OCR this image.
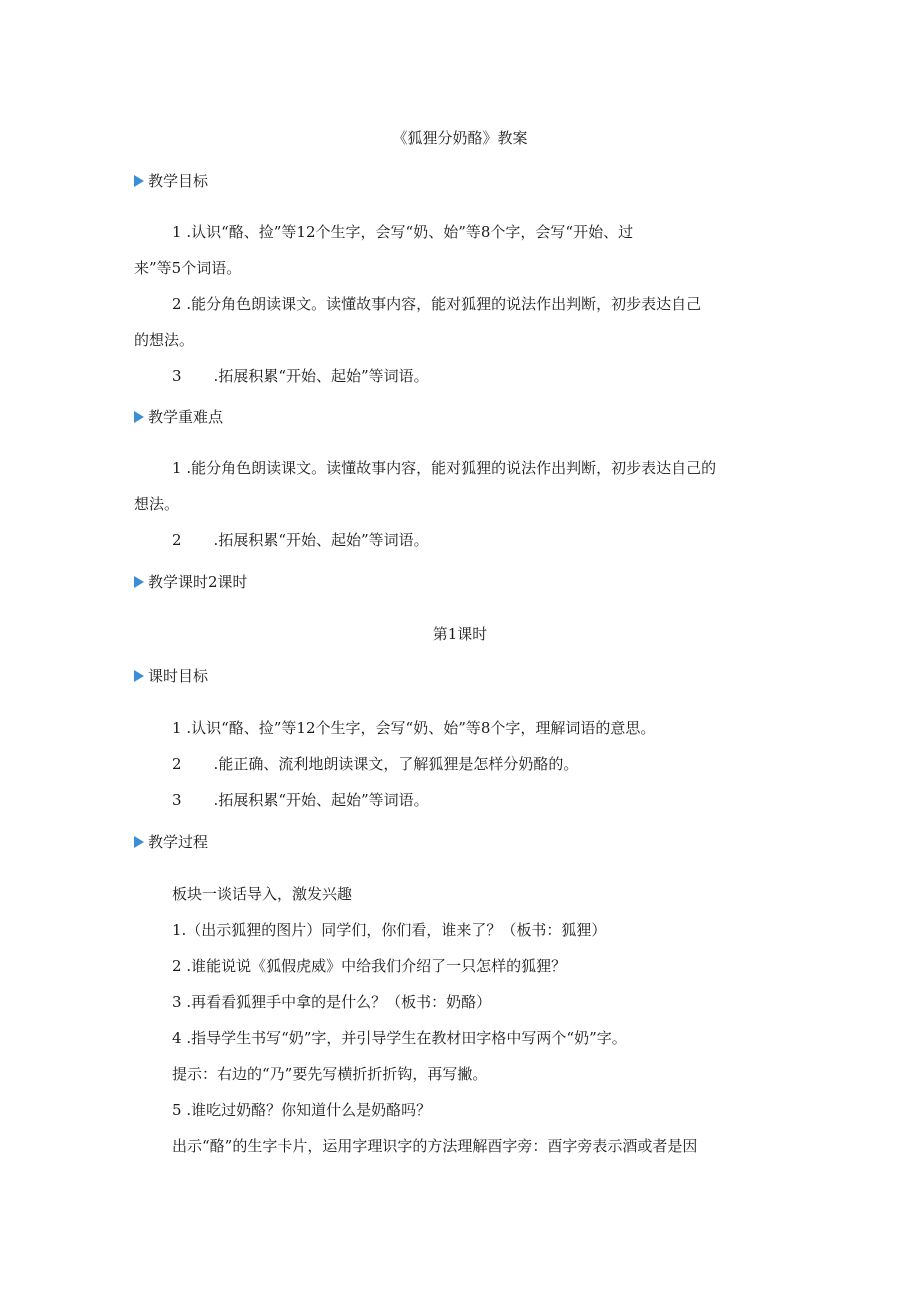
《狐狸分奶酪》教案
教学目标
1 .认识“酪、捡”等12个生字，会写“奶、始”等8个字，会写“开始、过
来”等5个词语。
2 .能分角色朗读课文。读懂故事内容，能对狐狸的说法作出判断，初步表达自己
的想法。
3 .拓展积累“开始、起始”等词语。
教学重难点
1 .能分角色朗读课文。读懂故事内容，能对狐狸的说法作出判断，初步表达自己的
想法。
2 .拓展积累“开始、起始”等词语。
教学课时2课时
第1课时
课时目标
1 .认识“酪、捡”等12个生字，会写“奶、始”等8个字，理解词语的意思。
2 .能正确、流利地朗读课文，了解狐狸是怎样分奶酪的。
3 .拓展积累“开始、起始”等词语。
教学过程
板块一谈话导入，激发兴趣
1.（出示狐狸的图片）同学们，你们看，谁来了？（板书：狐狸）
2 .谁能说说《狐假虎威》中给我们介绍了一只怎样的狐狸？
3 .再看看狐狸手中拿的是什么？（板书：奶酪）
4 .指导学生书写“奶”字，并引导学生在教材田字格中写两个“奶”字。
提示：右边的“乃”要先写横折折折钩，再写撇。
5 .谁吃过奶酪？你知道什么是奶酪吗？
出示“酪”的生字卡片，运用字理识字的方法理解酉字旁：酉字旁表示酒或者是因
